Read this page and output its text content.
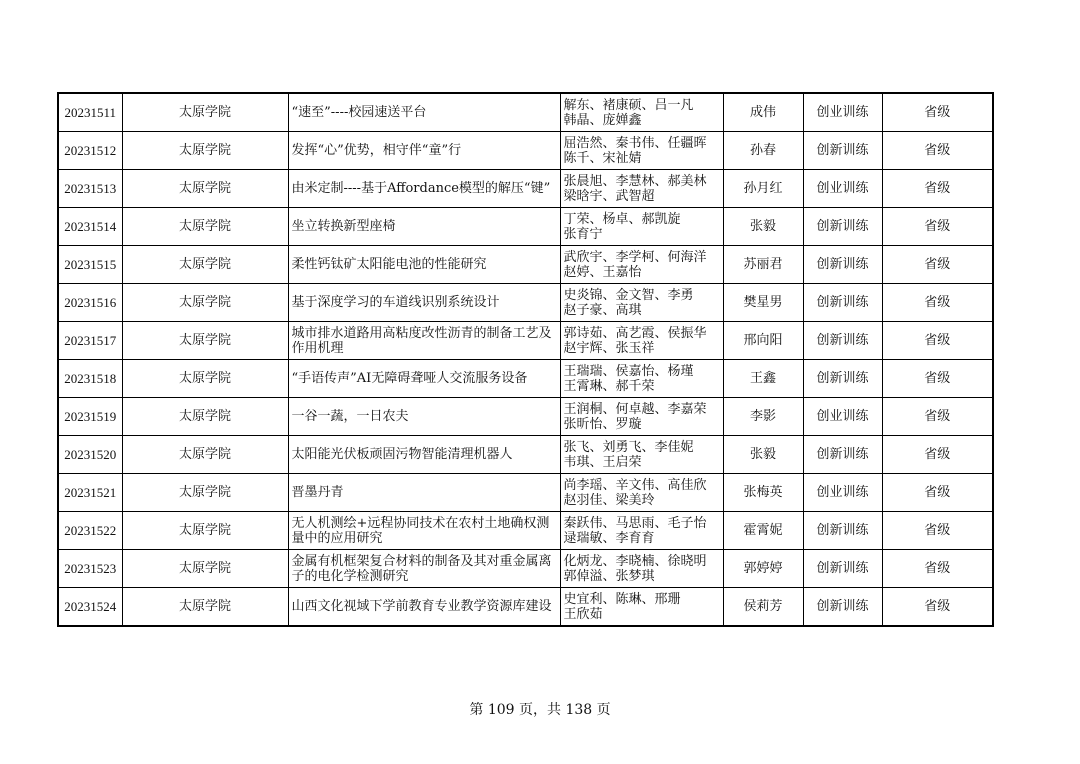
20231511	太原学院	“速至”----校园速送平台	解东、褚康硕、吕一凡
韩晶、庞婵鑫	成伟	创业训练	省级
20231512	太原学院	发挥“心”优势，相守伴“童”行	屈浩然、秦书伟、任疆晖
陈千、宋祉婧	孙春	创新训练	省级
20231513	太原学院	由米定制----基于Affordance模型的解压“键”	张晨旭、李慧林、郝美林
梁晗宇、武智超	孙月红	创业训练	省级
20231514	太原学院	坐立转换新型座椅	丁荣、杨卓、郝凯旋
张育宁	张毅	创新训练	省级
20231515	太原学院	柔性钙钛矿太阳能电池的性能研究	武欣宇、李学柯、何海洋
赵婷、王嘉怡	苏丽君	创新训练	省级
20231516	太原学院	基于深度学习的车道线识别系统设计	史炎锦、金文智、李勇
赵子豪、高琪	樊星男	创新训练	省级
20231517	太原学院	城市排水道路用高粘度改性沥青的制备工艺及作用机理	郭诗茹、高艺霞、侯振华
赵宇辉、张玉祥	邢向阳	创新训练	省级
20231518	太原学院	“手语传声”AI无障碍聋哑人交流服务设备	王瑞瑞、侯嘉怡、杨瑾
王霄琳、郝千荣	王鑫	创新训练	省级
20231519	太原学院	一谷一蔬，一日农夫	王润桐、何卓越、李嘉荣
张昕怡、罗璇	李影	创业训练	省级
20231520	太原学院	太阳能光伏板顽固污物智能清理机器人	张飞、刘勇飞、李佳妮
韦琪、王启荣	张毅	创新训练	省级
20231521	太原学院	晋墨丹青	尚李瑶、辛文伟、高佳欣
赵羽佳、梁美玲	张梅英	创业训练	省级
20231522	太原学院	无人机测绘+远程协同技术在农村土地确权测量中的应用研究	秦跃伟、马思雨、毛子怡
逯瑞敏、李育育	霍霄妮	创新训练	省级
20231523	太原学院	金属有机框架复合材料的制备及其对重金属离子的电化学检测研究	化炳龙、李晓楠、徐晓明
郭倬溢、张梦琪	郭婷婷	创新训练	省级
20231524	太原学院	山西文化视域下学前教育专业教学资源库建设	史宜利、陈琳、邢珊
王欣茹	侯莉芳	创新训练	省级
第 109 页，共 138 页
